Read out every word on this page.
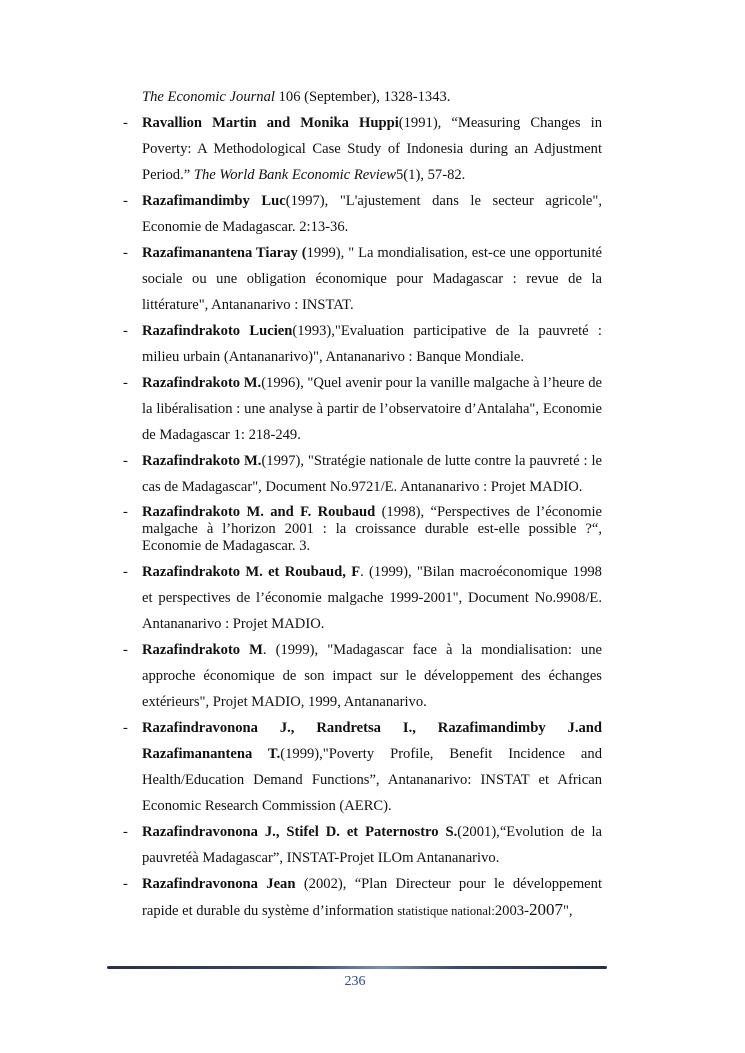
The Economic Journal 106 (September), 1328-1343.
- Ravallion Martin and Monika Huppi(1991), “Measuring Changes in Poverty: A Methodological Case Study of Indonesia during an Adjustment Period.” The World Bank Economic Review5(1), 57-82.
- Razafimandimby Luc(1997), "L'ajustement dans le secteur agricole", Economie de Madagascar. 2:13-36.
- Razafimanantena Tiaray (1999), " La mondialisation, est-ce une opportunité sociale ou une obligation économique pour Madagascar : revue de la littérature", Antananarivo : INSTAT.
- Razafindrakoto Lucien(1993),"Evaluation participative de la pauvreté : milieu urbain (Antananarivo)", Antananarivo : Banque Mondiale.
- Razafindrakoto M.(1996), "Quel avenir pour la vanille malgache à l’heure de la libéralisation : une analyse à partir de l’observatoire d’Antalaha", Economie de Madagascar 1: 218-249.
- Razafindrakoto M.(1997), "Stratégie nationale de lutte contre la pauvreté : le cas de Madagascar", Document No.9721/E. Antananarivo : Projet MADIO.
- Razafindrakoto M. and F. Roubaud (1998), “Perspectives de l’économie malgache à l’horizon 2001 : la croissance durable est-elle possible ?“, Economie de Madagascar. 3.
- Razafindrakoto M. et Roubaud, F. (1999), "Bilan macroéconomique 1998 et perspectives de l’économie malgache 1999-2001", Document No.9908/E. Antananarivo : Projet MADIO.
- Razafindrakoto M. (1999), "Madagascar face à la mondialisation: une approche économique de son impact sur le développement des échanges extérieurs", Projet MADIO, 1999, Antananarivo.
- Razafindravonona J., Randretsa I., Razafimandimby J.and Razafimanantena T.(1999),"Poverty Profile, Benefit Incidence and Health/Education Demand Functions”, Antananarivo: INSTAT et African Economic Research Commission (AERC).
- Razafindravonona J., Stifel D. et Paternostro S.(2001),“Evolution de la pauvretéà Madagascar”, INSTAT-Projet ILOm Antananarivo.
- Razafindravonona Jean (2002), “Plan Directeur pour le développement rapide et durable du système d’information statistique national:2003-2007",
236
